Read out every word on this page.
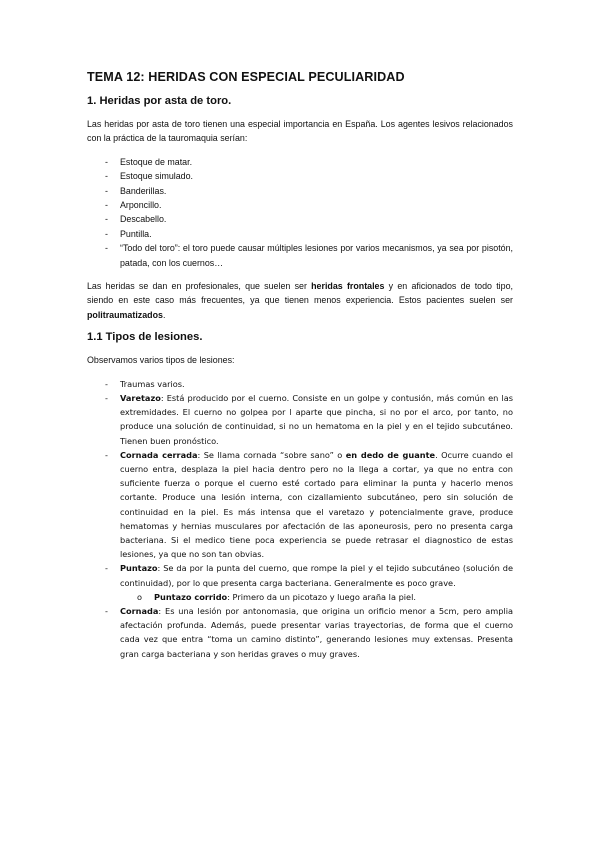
TEMA 12: HERIDAS CON ESPECIAL PECULIARIDAD
1. Heridas por asta de toro.

Las heridas por asta de toro tienen una especial importancia en España. Los agentes lesivos relacionados con la práctica de la tauromaquia serían:

- Estoque de matar.
- Estoque simulado.
- Banderillas.
- Arponcillo.
- Descabello.
- Puntilla.
- “Todo del toro”: el toro puede causar múltiples lesiones por varios mecanismos, ya sea por pisotón, patada, con los cuernos…

Las heridas se dan en profesionales, que suelen ser heridas frontales y en aficionados de todo tipo, siendo en este caso más frecuentes, ya que tienen menos experiencia. Estos pacientes suelen ser politraumatizados.

1.1 Tipos de lesiones.

Observamos varios tipos de lesiones:

- Traumas varios.
- Varetazo: Está producido por el cuerno. Consiste en un golpe y contusión, más común en las extremidades. El cuerno no golpea por l aparte que pincha, si no por el arco, por tanto, no produce una solución de continuidad, si no un hematoma en la piel y en el tejido subcutáneo. Tienen buen pronóstico.
- Cornada cerrada: Se llama cornada “sobre sano” o en dedo de guante. Ocurre cuando el cuerno entra, desplaza la piel hacia dentro pero no la llega a cortar, ya que no entra con suficiente fuerza o porque el cuerno esté cortado para eliminar la punta y hacerlo menos cortante. Produce una lesión interna, con cizallamiento subcutáneo, pero sin solución de continuidad en la piel. Es más intensa que el varetazo y potencialmente grave, produce hematomas y hernias musculares por afectación de las aponeurosis, pero no presenta carga bacteriana. Si el medico tiene poca experiencia se puede retrasar el diagnostico de estas lesiones, ya que no son tan obvias.
- Puntazo: Se da por la punta del cuerno, que rompe la piel y el tejido subcutáneo (solución de continuidad), por lo que presenta carga bacteriana. Generalmente es poco grave.
o Puntazo corrido: Primero da un picotazo y luego araña la piel.
- Cornada: Es una lesión por antonomasia, que origina un orificio menor a 5cm, pero amplia afectación profunda. Además, puede presentar varias trayectorias, de forma que el cuerno cada vez que entra “toma un camino distinto”, generando lesiones muy extensas. Presenta gran carga bacteriana y son heridas graves o muy graves.
